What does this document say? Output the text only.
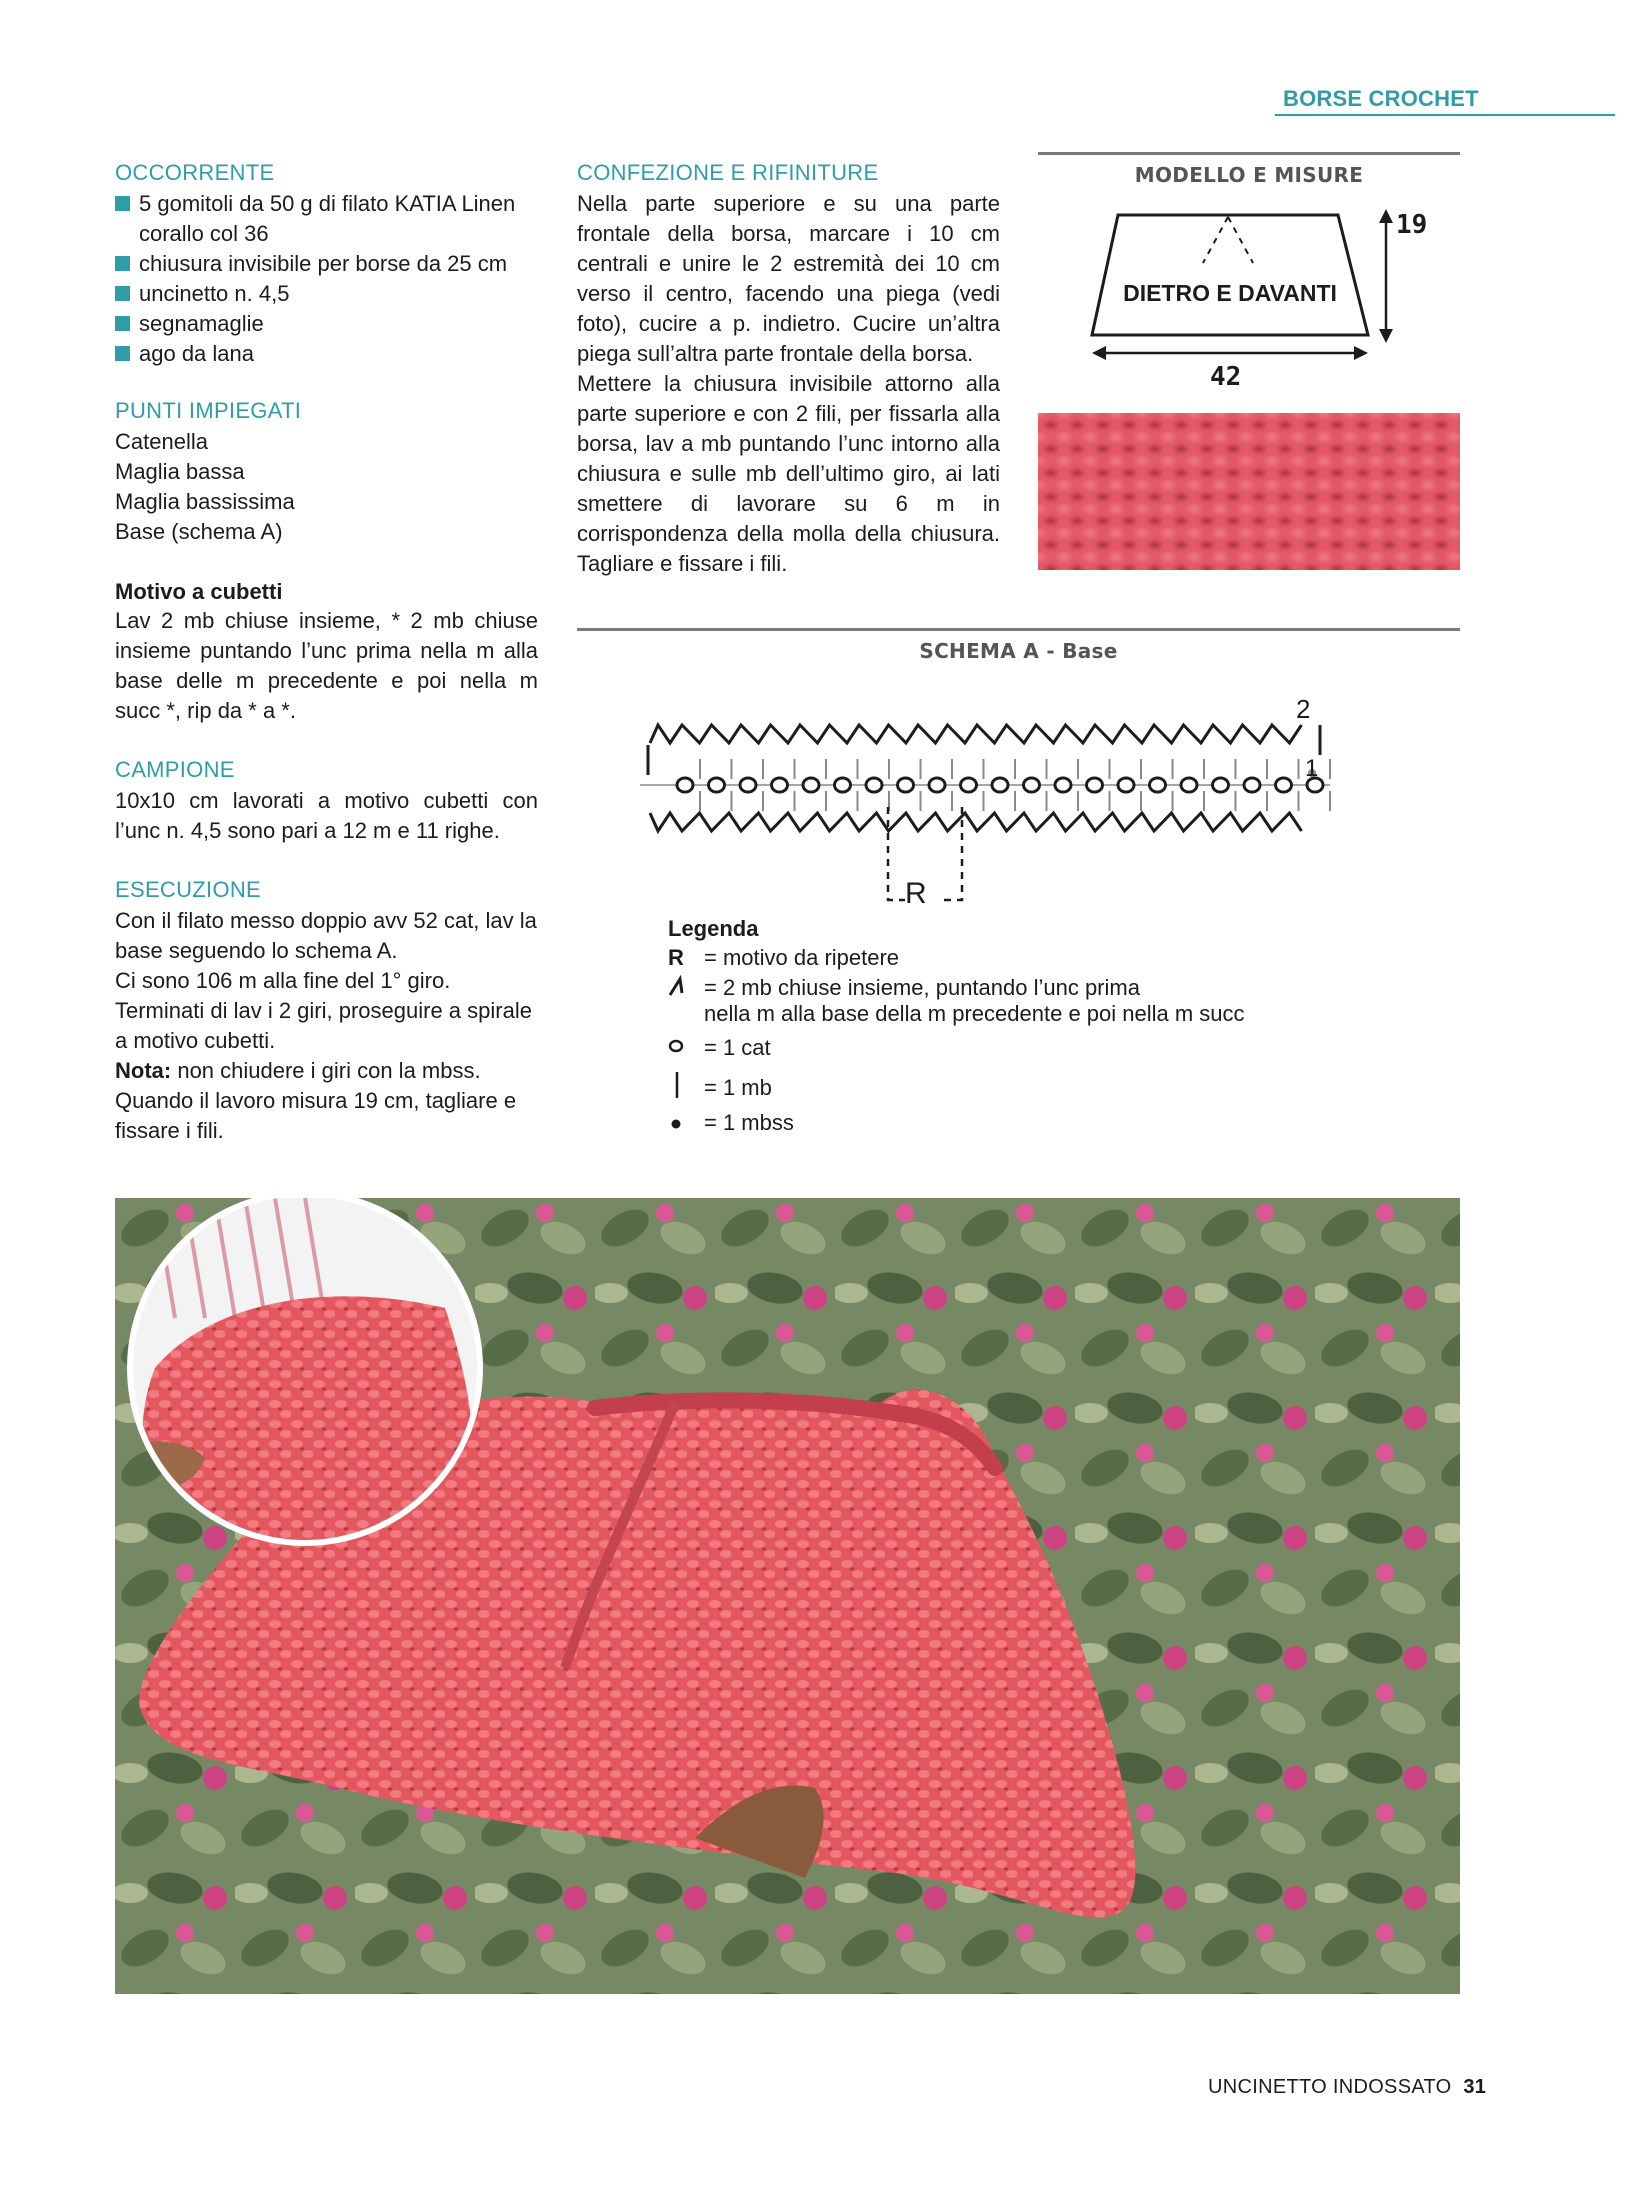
BORSE CROCHET
OCCORRENTE
5 gomitoli da 50 g di filato KATIA Linen corallo col 36
chiusura invisibile per borse da 25 cm
uncinetto n. 4,5
segnamaglie
ago da lana
PUNTI IMPIEGATI

Catenella

Maglia bassa

Maglia bassissima

Base (schema A)

Motivo a cubetti
Lav 2 mb chiuse insieme, * 2 mb chiuse insieme puntando l’unc prima nella m alla base delle m precedente e poi nella m succ *, rip da * a *.
CAMPIONE
10x10 cm lavorati a motivo cubetti con l’unc n. 4,5 sono pari a 12 m e 11 righe.
ESECUZIONE

Con il filato messo doppio avv 52 cat, lav la base seguendo lo schema A.

Ci sono 106 m alla fine del 1° giro.

Terminati di lav i 2 giri, proseguire a spirale a motivo cubetti.

Nota: non chiudere i giri con la mbss.

Quando il lavoro misura 19 cm, tagliare e fissare i fili.

CONFEZIONE E RIFINITURE

Nella parte superiore e su una parte frontale della borsa, marcare i 10 cm centrali e unire le 2 estremità dei 10 cm verso il centro, facendo una piega (vedi foto), cucire a p. indietro. Cucire un’altra piega sull’altra parte frontale della borsa.

Mettere la chiusura invisibile attorno alla parte superiore e con 2 fili, per fissarla alla borsa, lav a mb puntando l’unc intorno alla chiusura e sulle mb dell’ultimo giro, ai lati smettere di lavorare su 6 m in corrispondenza della molla della chiusura. Tagliare e fissare i fili.

MODELLO E MISURE
DIETRO E DAVANTI
19
42
SCHEMA A - Base
2
1
R
Legenda
R = motivo da ripetere
= 2 mb chiuse insieme, puntando l’unc prima
nella m alla base della m precedente e poi nella m succ
= 1 cat
= 1 mb
= 1 mbss
UNCINETTO INDOSSATO 31
